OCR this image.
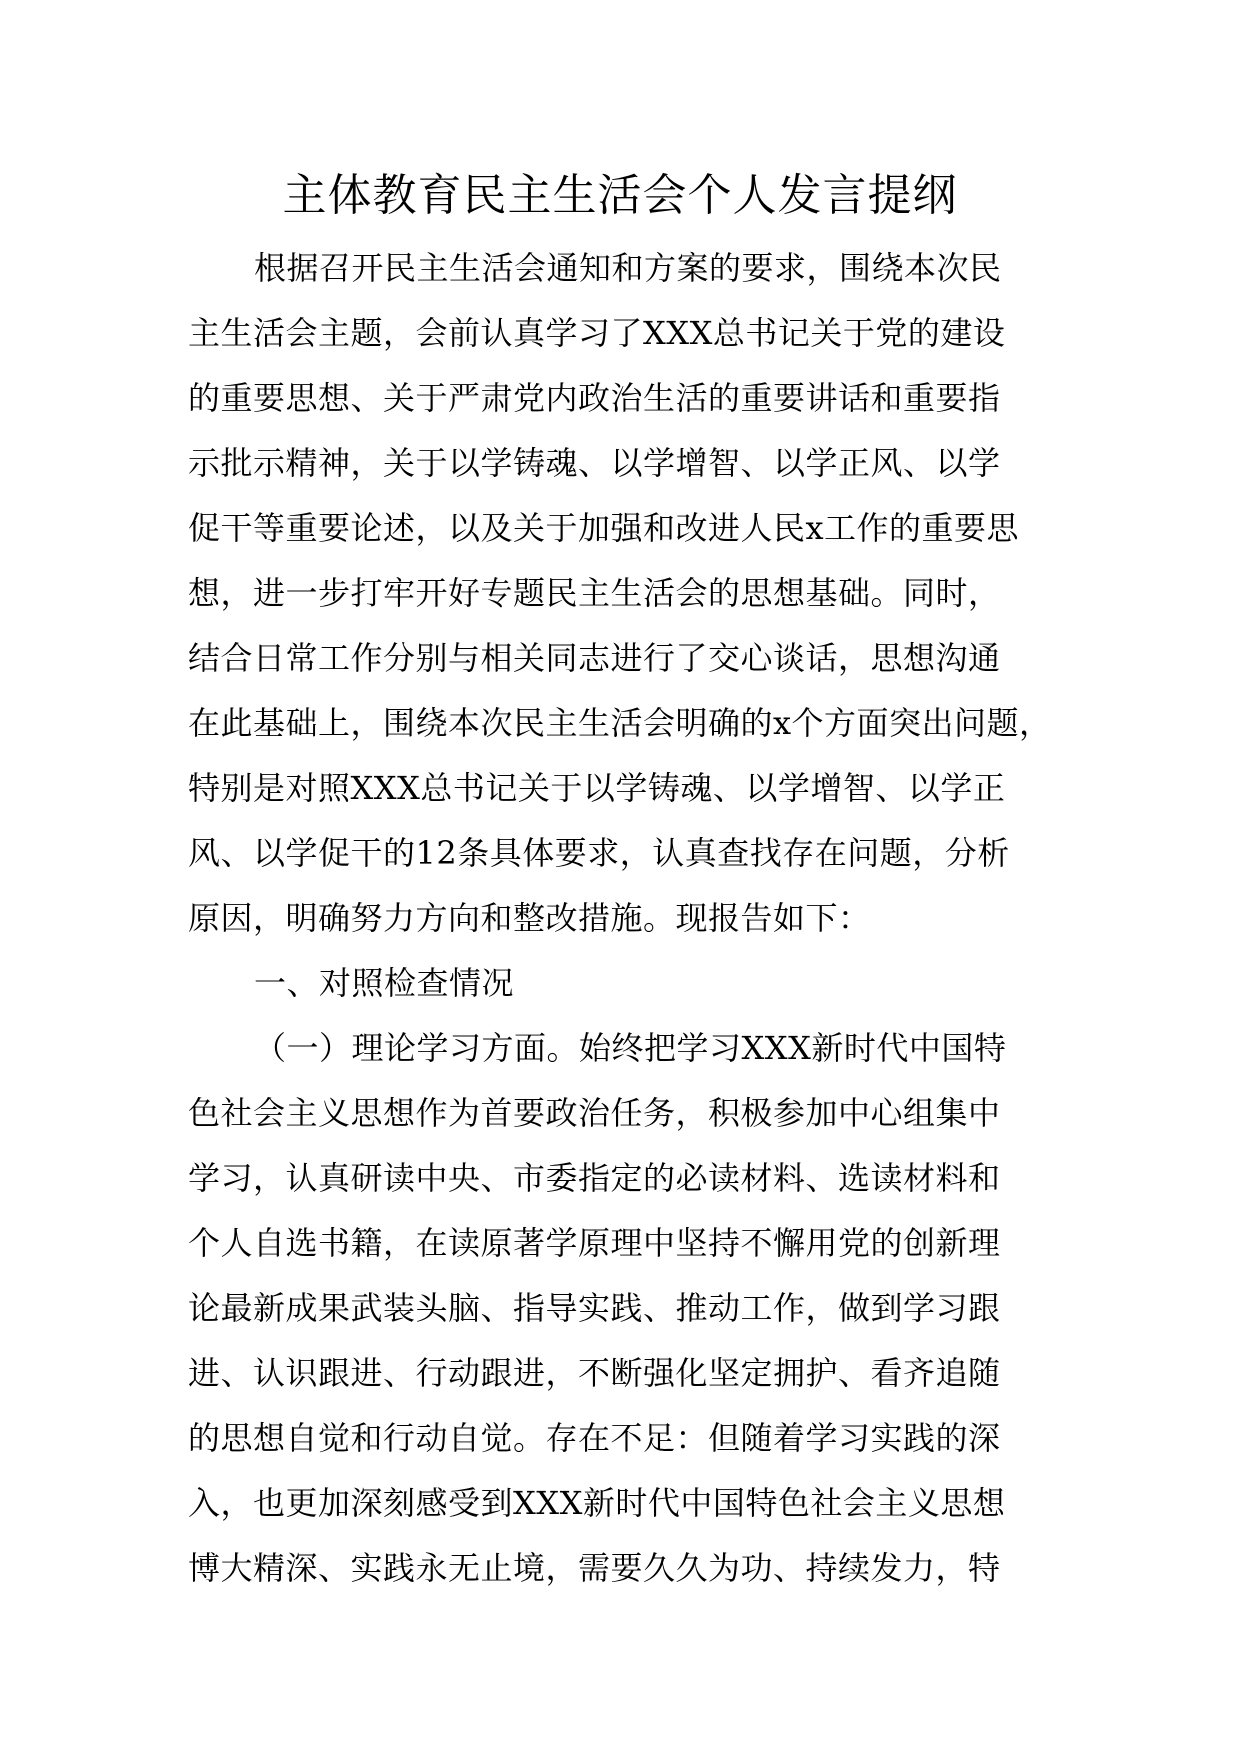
主体教育民主生活会个人发言提纲
根据召开民主生活会通知和方案的要求，围绕本次民
主生活会主题，会前认真学习了XXX总书记关于党的建设
的重要思想、关于严肃党内政治生活的重要讲话和重要指
示批示精神，关于以学铸魂、以学增智、以学正风、以学
促干等重要论述，以及关于加强和改进人民x工作的重要思
想，进一步打牢开好专题民主生活会的思想基础。同时，
结合日常工作分别与相关同志进行了交心谈话，思想沟通
在此基础上，围绕本次民主生活会明确的x个方面突出问题，
特别是对照XXX总书记关于以学铸魂、以学增智、以学正
风、以学促干的12条具体要求，认真查找存在问题，分析
原因，明确努力方向和整改措施。现报告如下：
一、对照检查情况
（一）理论学习方面。始终把学习XXX新时代中国特
色社会主义思想作为首要政治任务，积极参加中心组集中
学习，认真研读中央、市委指定的必读材料、选读材料和
个人自选书籍，在读原著学原理中坚持不懈用党的创新理
论最新成果武装头脑、指导实践、推动工作，做到学习跟
进、认识跟进、行动跟进，不断强化坚定拥护、看齐追随
的思想自觉和行动自觉。存在不足：但随着学习实践的深
入，也更加深刻感受到XXX新时代中国特色社会主义思想
博大精深、实践永无止境，需要久久为功、持续发力，特
